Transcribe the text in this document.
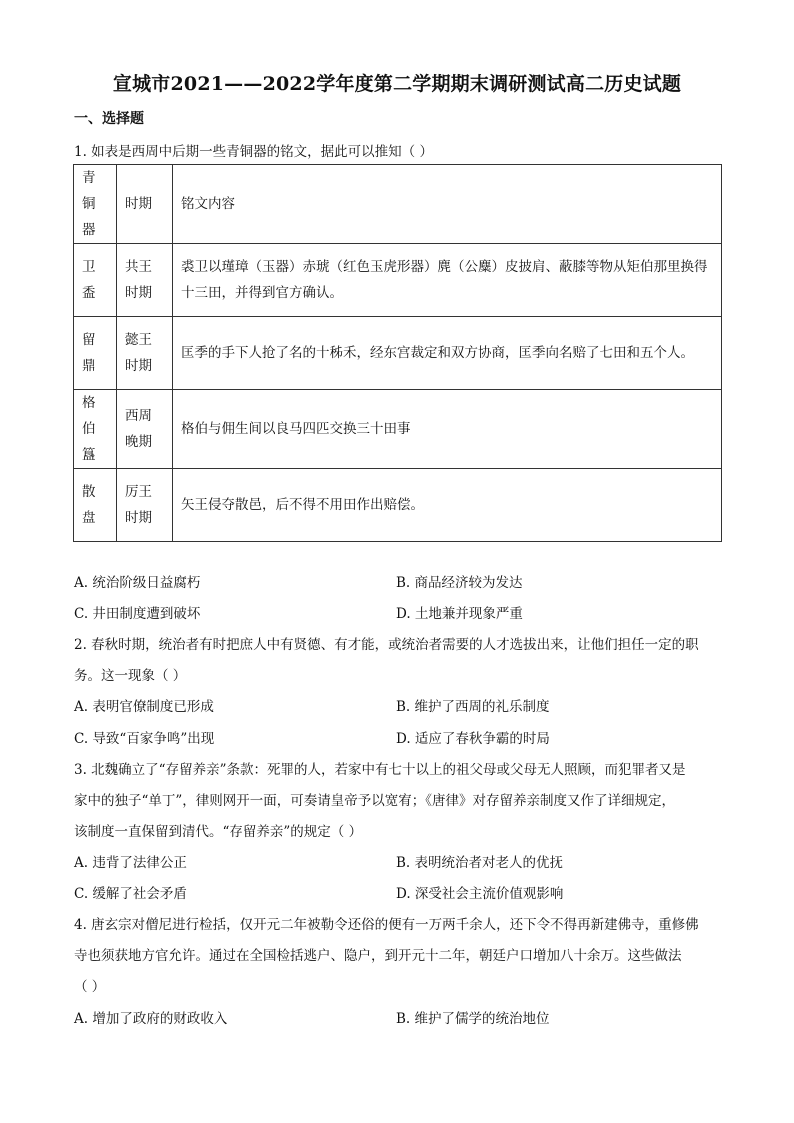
宣城市2021——2022学年度第二学期期末调研测试高二历史试题
一、选择题
1. 如表是西周中后期一些青铜器的铭文，据此可以推知（ ）
青铜器	时期	铭文内容
卫盉	共王时期	裘卫以瑾璋（玉器）赤琥（红色玉虎形器）麂（公麋）皮披肩、蔽膝等物从矩伯那里换得十三田，并得到官方确认。
留鼎	懿王时期	匡季的手下人抢了名的十秭禾，经东宫裁定和双方协商，匡季向名赔了七田和五个人。
格伯簋	西周晚期	格伯与佣生间以良马四匹交换三十田事
散盘	厉王时期	矢王侵夺散邑，后不得不用田作出赔偿。
A. 统治阶级日益腐朽	B. 商品经济较为发达
C. 井田制度遭到破坏	D. 土地兼并现象严重
2. 春秋时期，统治者有时把庶人中有贤德、有才能，或统治者需要的人才选拔出来，让他们担任一定的职
务。这一现象（ ）
A. 表明官僚制度已形成	B. 维护了西周的礼乐制度
C. 导致“百家争鸣”出现	D. 适应了春秋争霸的时局
3. 北魏确立了“存留养亲”条款：死罪的人，若家中有七十以上的祖父母或父母无人照顾，而犯罪者又是
家中的独子“单丁”，律则网开一面，可奏请皇帝予以宽宥；《唐律》对存留养亲制度又作了详细规定，
该制度一直保留到清代。“存留养亲”的规定（ ）
A. 违背了法律公正	B. 表明统治者对老人的优抚
C. 缓解了社会矛盾	D. 深受社会主流价值观影响
4. 唐玄宗对僧尼进行检括，仅开元二年被勒令还俗的便有一万两千余人，还下令不得再新建佛寺，重修佛
寺也须获地方官允许。通过在全国检括逃户、隐户，到开元十二年，朝廷户口增加八十余万。这些做法
（ ）
A. 增加了政府的财政收入	B. 维护了儒学的统治地位
